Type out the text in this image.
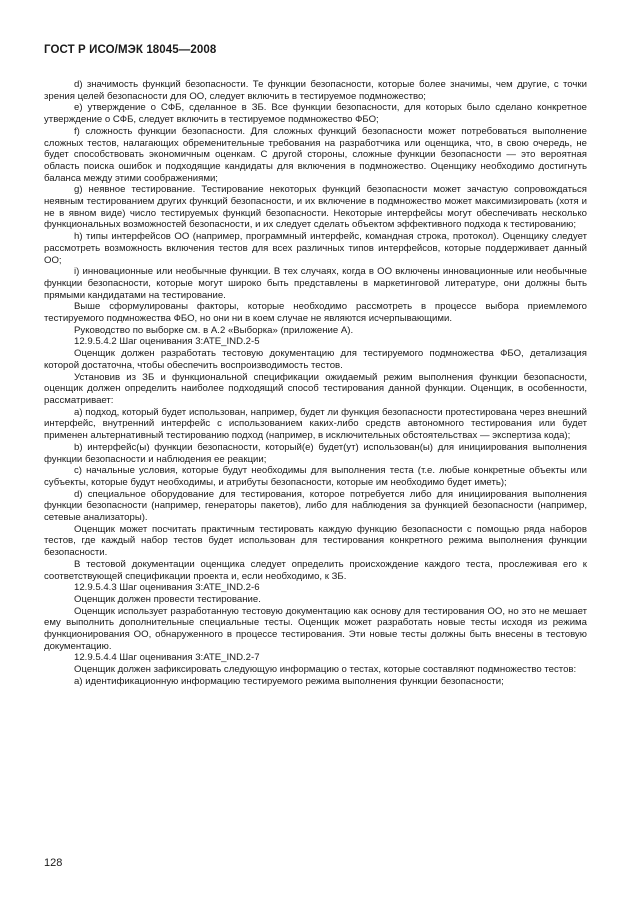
ГОСТ Р ИСО/МЭК 18045—2008

d) значимость функций безопасности. Те функции безопасности, которые более значимы, чем другие, с точки зрения целей безопасности для ОО, следует включить в тестируемое подмножество;

е) утверждение о СФБ, сделанное в ЗБ. Все функции безопасности, для которых было сделано конкретное утверждение о СФБ, следует включить в тестируемое подмножество ФБО;

f) сложность функции безопасности. Для сложных функций безопасности может потребоваться выполнение сложных тестов, налагающих обременительные требования на разработчика или оценщика, что, в свою очередь, не будет способствовать экономичным оценкам. С другой стороны, сложные функции безопасности — это вероятная область поиска ошибок и подходящие кандидаты для включения в подмножество. Оценщику необходимо достигнуть баланса между этими соображениями;

g) неявное тестирование. Тестирование некоторых функций безопасности может зачастую сопровождаться неявным тестированием других функций безопасности, и их включение в подмножество может максимизировать (хотя и не в явном виде) число тестируемых функций безопасности. Некоторые интерфейсы могут обеспечивать несколько функциональных возможностей безопасности, и их следует сделать объектом эффективного подхода к тестированию;

h) типы интерфейсов ОО (например, программный интерфейс, командная строка, протокол). Оценщику следует рассмотреть возможность включения тестов для всех различных типов интерфейсов, которые поддерживает данный ОО;

i) инновационные или необычные функции. В тех случаях, когда в ОО включены инновационные или необычные функции безопасности, которые могут широко быть представлены в маркетинговой литературе, они должны быть прямыми кандидатами на тестирование.

Выше сформулированы факторы, которые необходимо рассмотреть в процессе выбора приемлемого тестируемого подмножества ФБО, но они ни в коем случае не являются исчерпывающими.

Руководство по выборке см. в А.2 «Выборка» (приложение А).

12.9.5.4.2 Шаг оценивания 3:ATE_IND.2-5

Оценщик должен разработать тестовую документацию для тестируемого подмножества ФБО, детализация которой достаточна, чтобы обеспечить воспроизводимость тестов.

Установив из ЗБ и функциональной спецификации ожидаемый режим выполнения функции безопасности, оценщик должен определить наиболее подходящий способ тестирования данной функции. Оценщик, в особенности, рассматривает:

a) подход, который будет использован, например, будет ли функция безопасности протестирована через внешний интерфейс, внутренний интерфейс с использованием каких-либо средств автономного тестирования или будет применен альтернативный тестированию подход (например, в исключительных обстоятельствах — экспертиза кода);

b) интерфейс(ы) функции безопасности, который(е) будет(ут) использован(ы) для инициирования выполнения функции безопасности и наблюдения ее реакции;

c) начальные условия, которые будут необходимы для выполнения теста (т.е. любые конкретные объекты или субъекты, которые будут необходимы, и атрибуты безопасности, которые им необходимо будет иметь);

d) специальное оборудование для тестирования, которое потребуется либо для инициирования выполнения функции безопасности (например, генераторы пакетов), либо для наблюдения за функцией безопасности (например, сетевые анализаторы).

Оценщик может посчитать практичным тестировать каждую функцию безопасности с помощью ряда наборов тестов, где каждый набор тестов будет использован для тестирования конкретного режима выполнения функции безопасности.

В тестовой документации оценщика следует определить происхождение каждого теста, прослеживая его к соответствующей спецификации проекта и, если необходимо, к ЗБ.

12.9.5.4.3 Шаг оценивания 3:ATE_IND.2-6

Оценщик должен провести тестирование.

Оценщик использует разработанную тестовую документацию как основу для тестирования ОО, но это не мешает ему выполнить дополнительные специальные тесты. Оценщик может разработать новые тесты исходя из режима функционирования ОО, обнаруженного в процессе тестирования. Эти новые тесты должны быть внесены в тестовую документацию.

12.9.5.4.4 Шаг оценивания 3:ATE_IND.2-7

Оценщик должен зафиксировать следующую информацию о тестах, которые составляют подмножество тестов:

a) идентификационную информацию тестируемого режима выполнения функции безопасности;

128
